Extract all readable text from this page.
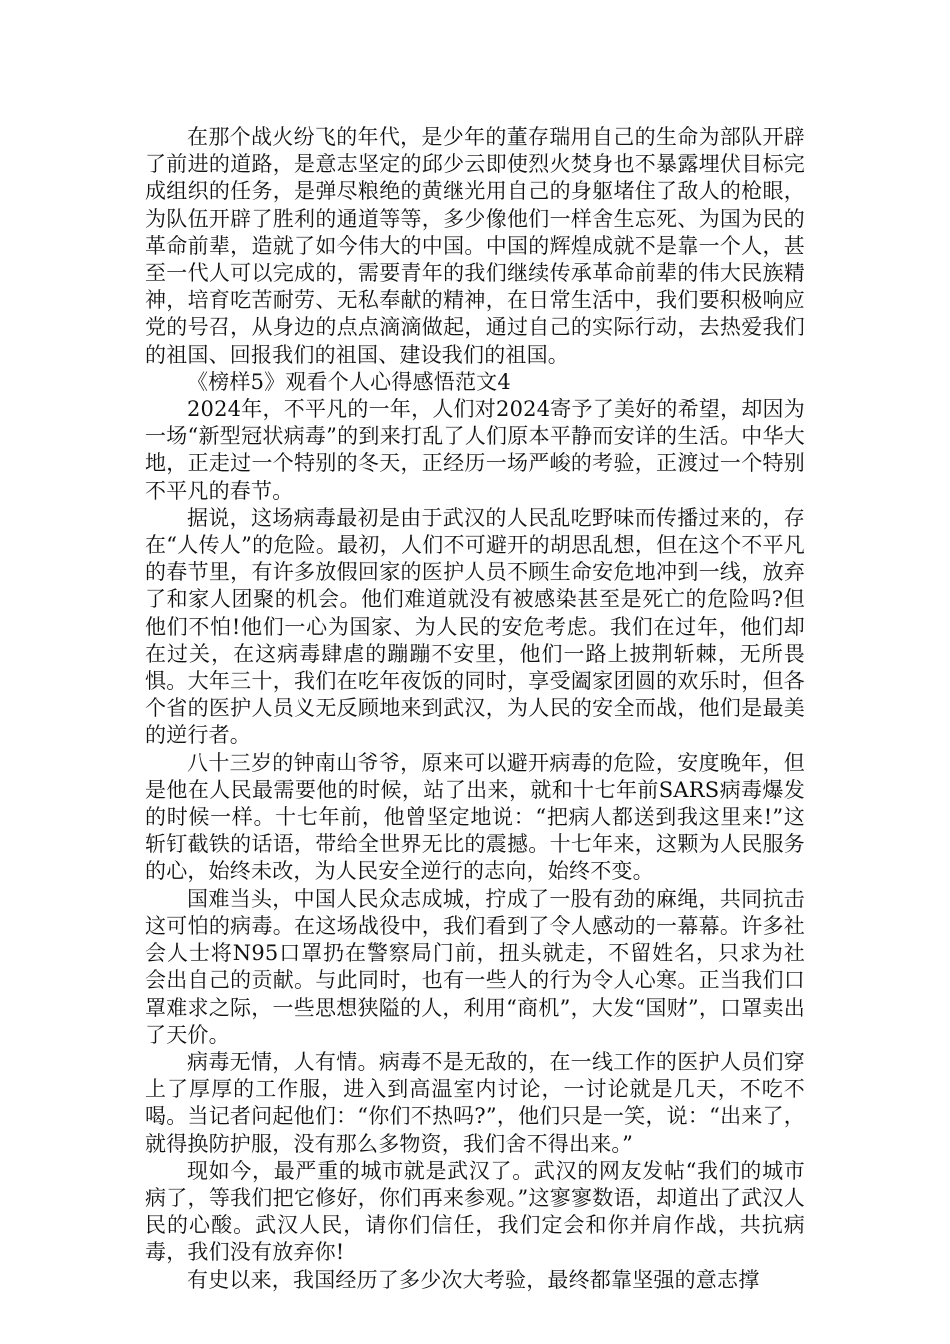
在那个战火纷飞的年代，是少年的董存瑞用自己的生命为部队开辟了前进的道路，是意志坚定的邱少云即使烈火焚身也不暴露埋伏目标完成组织的任务，是弹尽粮绝的黄继光用自己的身躯堵住了敌人的枪眼，为队伍开辟了胜利的通道等等，多少像他们一样舍生忘死、为国为民的革命前辈，造就了如今伟大的中国。中国的辉煌成就不是靠一个人，甚至一代人可以完成的，需要青年的我们继续传承革命前辈的伟大民族精神，培育吃苦耐劳、无私奉献的精神，在日常生活中，我们要积极响应党的号召，从身边的点点滴滴做起，通过自己的实际行动，去热爱我们的祖国、回报我们的祖国、建设我们的祖国。

《榜样5》观看个人心得感悟范文4

2024年，不平凡的一年，人们对2024寄予了美好的希望，却因为一场“新型冠状病毒”的到来打乱了人们原本平静而安详的生活。中华大地，正走过一个特别的冬天，正经历一场严峻的考验，正渡过一个特别不平凡的春节。

据说，这场病毒最初是由于武汉的人民乱吃野味而传播过来的，存在“人传人”的危险。最初，人们不可避开的胡思乱想，但在这个不平凡的春节里，有许多放假回家的医护人员不顾生命安危地冲到一线，放弃了和家人团聚的机会。他们难道就没有被感染甚至是死亡的危险吗?但他们不怕!他们一心为国家、为人民的安危考虑。我们在过年，他们却在过关，在这病毒肆虐的蹦蹦不安里，他们一路上披荆斩棘，无所畏惧。大年三十，我们在吃年夜饭的同时，享受阖家团圆的欢乐时，但各个省的医护人员义无反顾地来到武汉，为人民的安全而战，他们是最美的逆行者。

八十三岁的钟南山爷爷，原来可以避开病毒的危险，安度晚年，但是他在人民最需要他的时候，站了出来，就和十七年前SARS病毒爆发的时候一样。十七年前，他曾坚定地说：“把病人都送到我这里来!”这斩钉截铁的话语，带给全世界无比的震撼。十七年来，这颗为人民服务的心，始终未改，为人民安全逆行的志向，始终不变。

国难当头，中国人民众志成城，拧成了一股有劲的麻绳，共同抗击这可怕的病毒。在这场战役中，我们看到了令人感动的一幕幕。许多社会人士将N95口罩扔在警察局门前，扭头就走，不留姓名，只求为社会出自己的贡献。与此同时，也有一些人的行为令人心寒。正当我们口罩难求之际，一些思想狭隘的人，利用“商机”，大发“国财”，口罩卖出了天价。

病毒无情，人有情。病毒不是无敌的，在一线工作的医护人员们穿上了厚厚的工作服，进入到高温室内讨论，一讨论就是几天，不吃不喝。当记者问起他们：“你们不热吗?”，他们只是一笑，说：“出来了，就得换防护服，没有那么多物资，我们舍不得出来。”

现如今，最严重的城市就是武汉了。武汉的网友发帖“我们的城市病了，等我们把它修好，你们再来参观。”这寥寥数语，却道出了武汉人民的心酸。武汉人民，请你们信任，我们定会和你并肩作战，共抗病毒，我们没有放弃你!

有史以来，我国经历了多少次大考验，最终都靠坚强的意志撑
